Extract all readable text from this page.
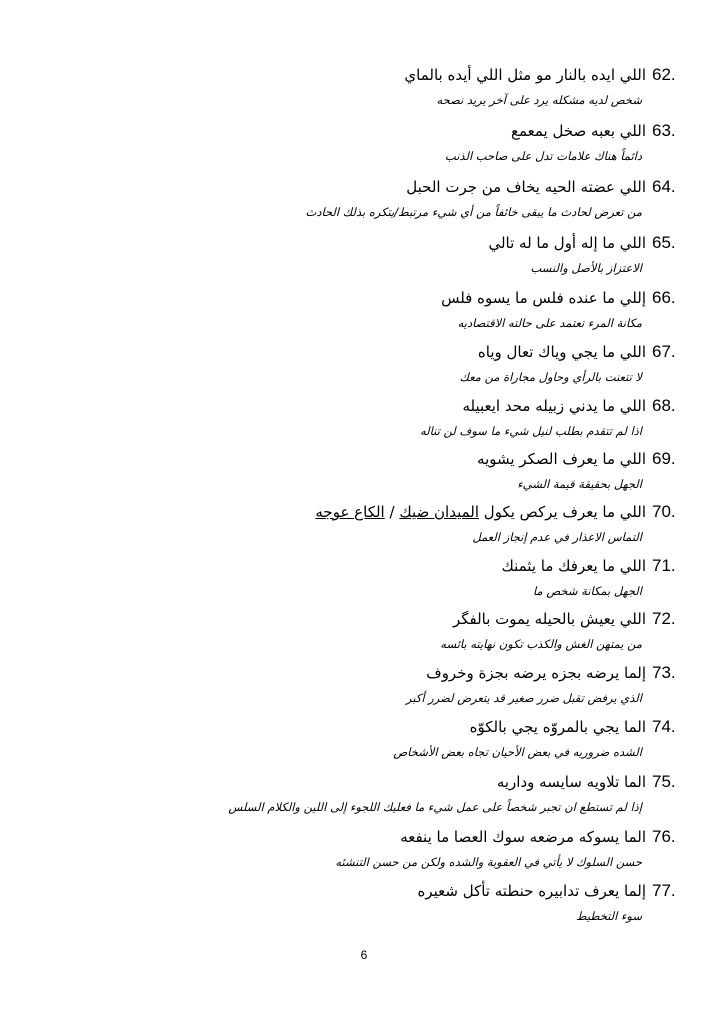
62.
اللي ايده بالنار مو مثل اللي أيده بالماي
شخص لديه مشكله يرد على آخر يريد نصحه
63.
اللي بعبه صخل يمعمع
دائماً هناك علامات تدل على صاحب الذنب
64.
اللي عضته الحيه يخاف من جرت الحبل
من تعرض لحادث ما يبقى خائفاً من أي شيء مرتبط/يتكره بذلك الحادث
65.
اللي ما إله أول ما له تالي
الاعتزاز بالأصل والنسب
66.
إللي ما عنده فلس ما يسوه فلس
مكانة المرء تعتمد على حالته الاقتصاديه
67.
اللي ما يجي وياك تعال وياه
لا تتعنت بالرأي وحاول مجاراة من معك
68.
اللي ما يدني زبيله محد ايعبيله
اذا لم تتقدم بطلب لنيل شيء ما سوف لن تناله
69.
اللي ما يعرف الصكر يشويه
الجهل بحقيقة قيمة الشيء
70.
اللي ما يعرف يركص يكول الميدان ضيك / الكاع عوجه
التماس الاعذار في عدم إنجاز العمل
71.
اللي ما يعرفك ما يثمنك
الجهل بمكانة شخص ما
72.
اللي يعيش بالحيله يموت بالفگر
من يمتهن الغش والكذب تكون نهايته بائسه
73.
إلما يرضه بجزه يرضه بجزة وخروف
الذي يرفض تقبل ضرر صغير قد يتعرض لضرر أكبر
74.
الما يجي بالمروّه يجي بالكوّه
الشده ضروريه في بعض الأحيان تجاه بعض الأشخاص
75.
الما تلاويه سايسه وداريه
إذا لم تستطع ان تجبر شخصاً على عمل شيء ما فعليك اللجوء إلى اللين والكلام السلس
76.
الما يسوكه مرضعه سوك العصا ما ينفعه
حسن السلوك لا يأتي في العقوبة والشده ولكن من حسن التنشئه
77.
إلما يعرف تدابيره حنطته تأكل شعيره
سوء التخطيط
6
